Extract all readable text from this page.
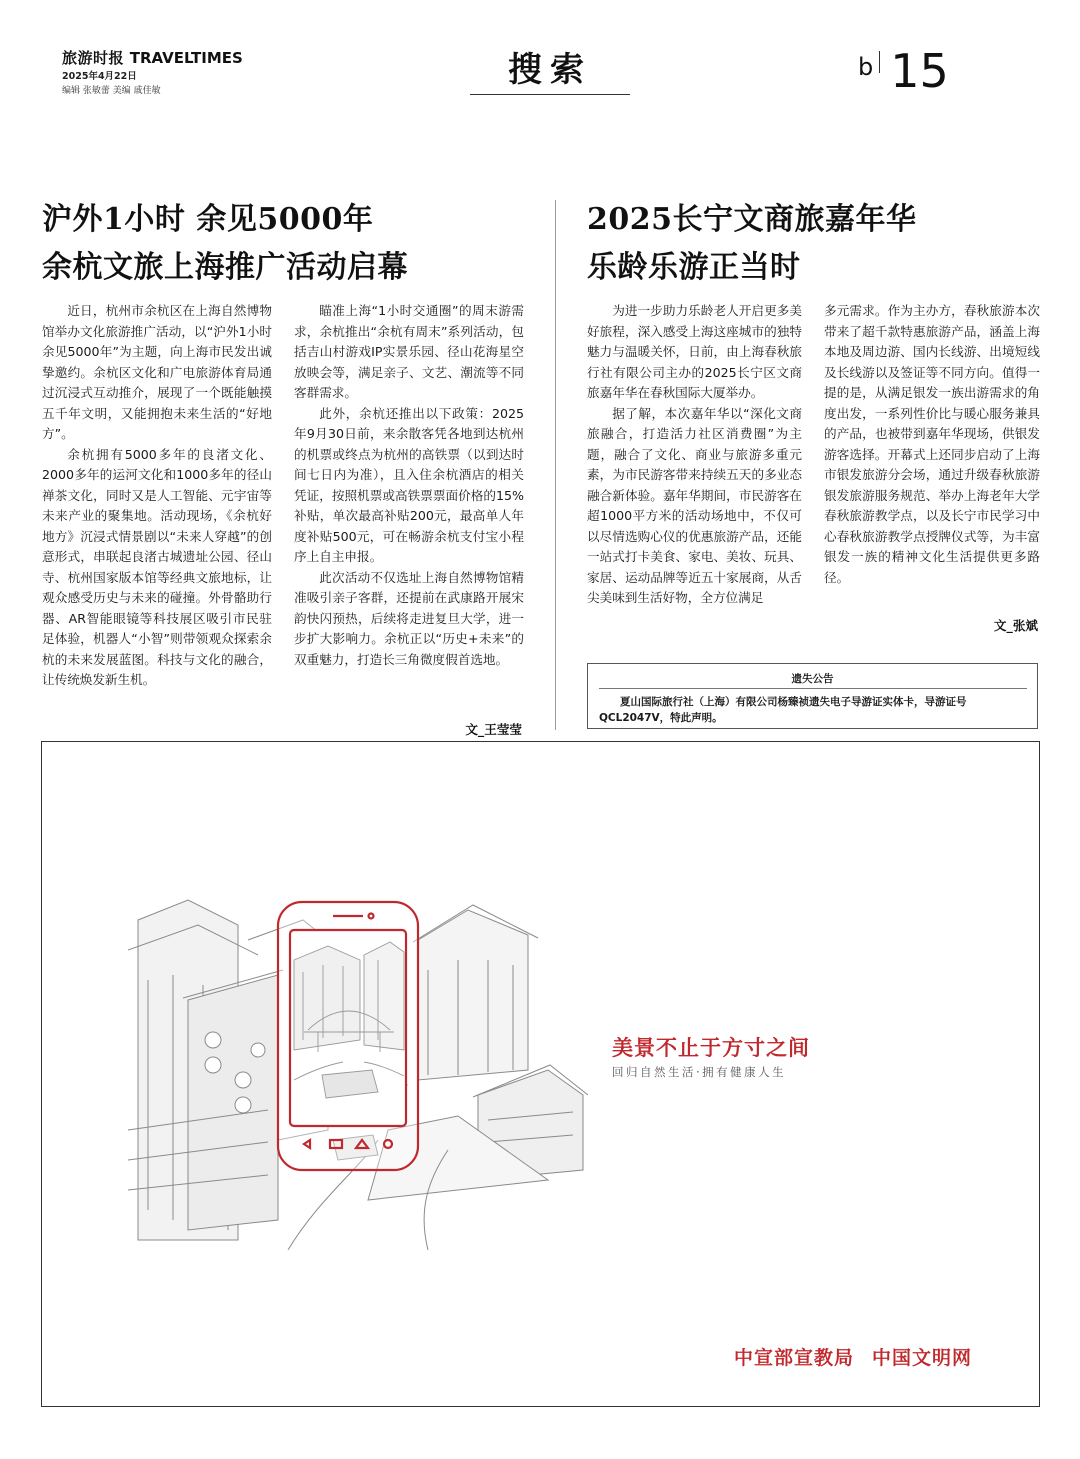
旅游时报 TRAVELTIMES
2025年4月22日
编辑 张敏蕾 美编 戚佳敏
搜索	$^b$ 15
沪外1小时 余见5000年
余杭文旅上海推广活动启幕

近日，杭州市余杭区在上海自然博物馆举办文化旅游推广活动，以“沪外1小时 余见5000年”为主题，向上海市民发出诚挚邀约。余杭区文化和广电旅游体育局通过沉浸式互动推介，展现了一个既能触摸五千年文明，又能拥抱未来生活的“好地方”。

余杭拥有5000多年的良渚文化、2000多年的运河文化和1000多年的径山禅茶文化，同时又是人工智能、元宇宙等未来产业的聚集地。活动现场，《余杭好地方》沉浸式情景剧以“未来人穿越”的创意形式，串联起良渚古城遗址公园、径山寺、杭州国家版本馆等经典文旅地标，让观众感受历史与未来的碰撞。外骨骼助行器、AR智能眼镜等科技展区吸引市民驻足体验，机器人“小智”则带领观众探索余杭的未来发展蓝图。科技与文化的融合，让传统焕发新生机。

瞄准上海“1小时交通圈”的周末游需求，余杭推出“余杭有周末”系列活动，包括吉山村游戏IP实景乐园、径山花海星空放映会等，满足亲子、文艺、潮流等不同客群需求。

此外，余杭还推出以下政策：2025年9月30日前，来余散客凭各地到达杭州的机票或终点为杭州的高铁票（以到达时间七日内为准），且入住余杭酒店的相关凭证，按照机票或高铁票票面价格的15%补贴，单次最高补贴200元，最高单人年度补贴500元，可在畅游余杭支付宝小程序上自主申报。

此次活动不仅选址上海自然博物馆精准吸引亲子客群，还提前在武康路开展宋韵快闪预热，后续将走进复旦大学，进一步扩大影响力。余杭正以“历史+未来”的双重魅力，打造长三角微度假首选地。

文_王莹莹
2025长宁文商旅嘉年华
乐龄乐游正当时

为进一步助力乐龄老人开启更多美好旅程，深入感受上海这座城市的独特魅力与温暖关怀，日前，由上海春秋旅行社有限公司主办的2025长宁区文商旅嘉年华在春秋国际大厦举办。

据了解，本次嘉年华以“深化文商旅融合，打造活力社区消费圈”为主题，融合了文化、商业与旅游多重元素，为市民游客带来持续五天的多业态融合新体验。嘉年华期间，市民游客在超1000平方米的活动场地中，不仅可以尽情选购心仪的优惠旅游产品，还能一站式打卡美食、家电、美妆、玩具、家居、运动品牌等近五十家展商，从舌尖美味到生活好物，全方位满足

多元需求。作为主办方，春秋旅游本次带来了超千款特惠旅游产品，涵盖上海本地及周边游、国内长线游、出境短线及长线游以及签证等不同方向。值得一提的是，从满足银发一族出游需求的角度出发，一系列性价比与暖心服务兼具的产品，也被带到嘉年华现场，供银发游客选择。开幕式上还同步启动了上海市银发旅游分会场，通过升级春秋旅游银发旅游服务规范、举办上海老年大学春秋旅游教学点，以及长宁市民学习中心春秋旅游教学点授牌仪式等，为丰富银发一族的精神文化生活提供更多路径。

文_张斌
遗失公告
夏山国际旅行社（上海）有限公司杨臻祯遗失电子导游证实体卡，导游证号QCL2047V，特此声明。
美景不止于方寸之间
回归自然生活·拥有健康人生
中宣部宣教局 中国文明网
